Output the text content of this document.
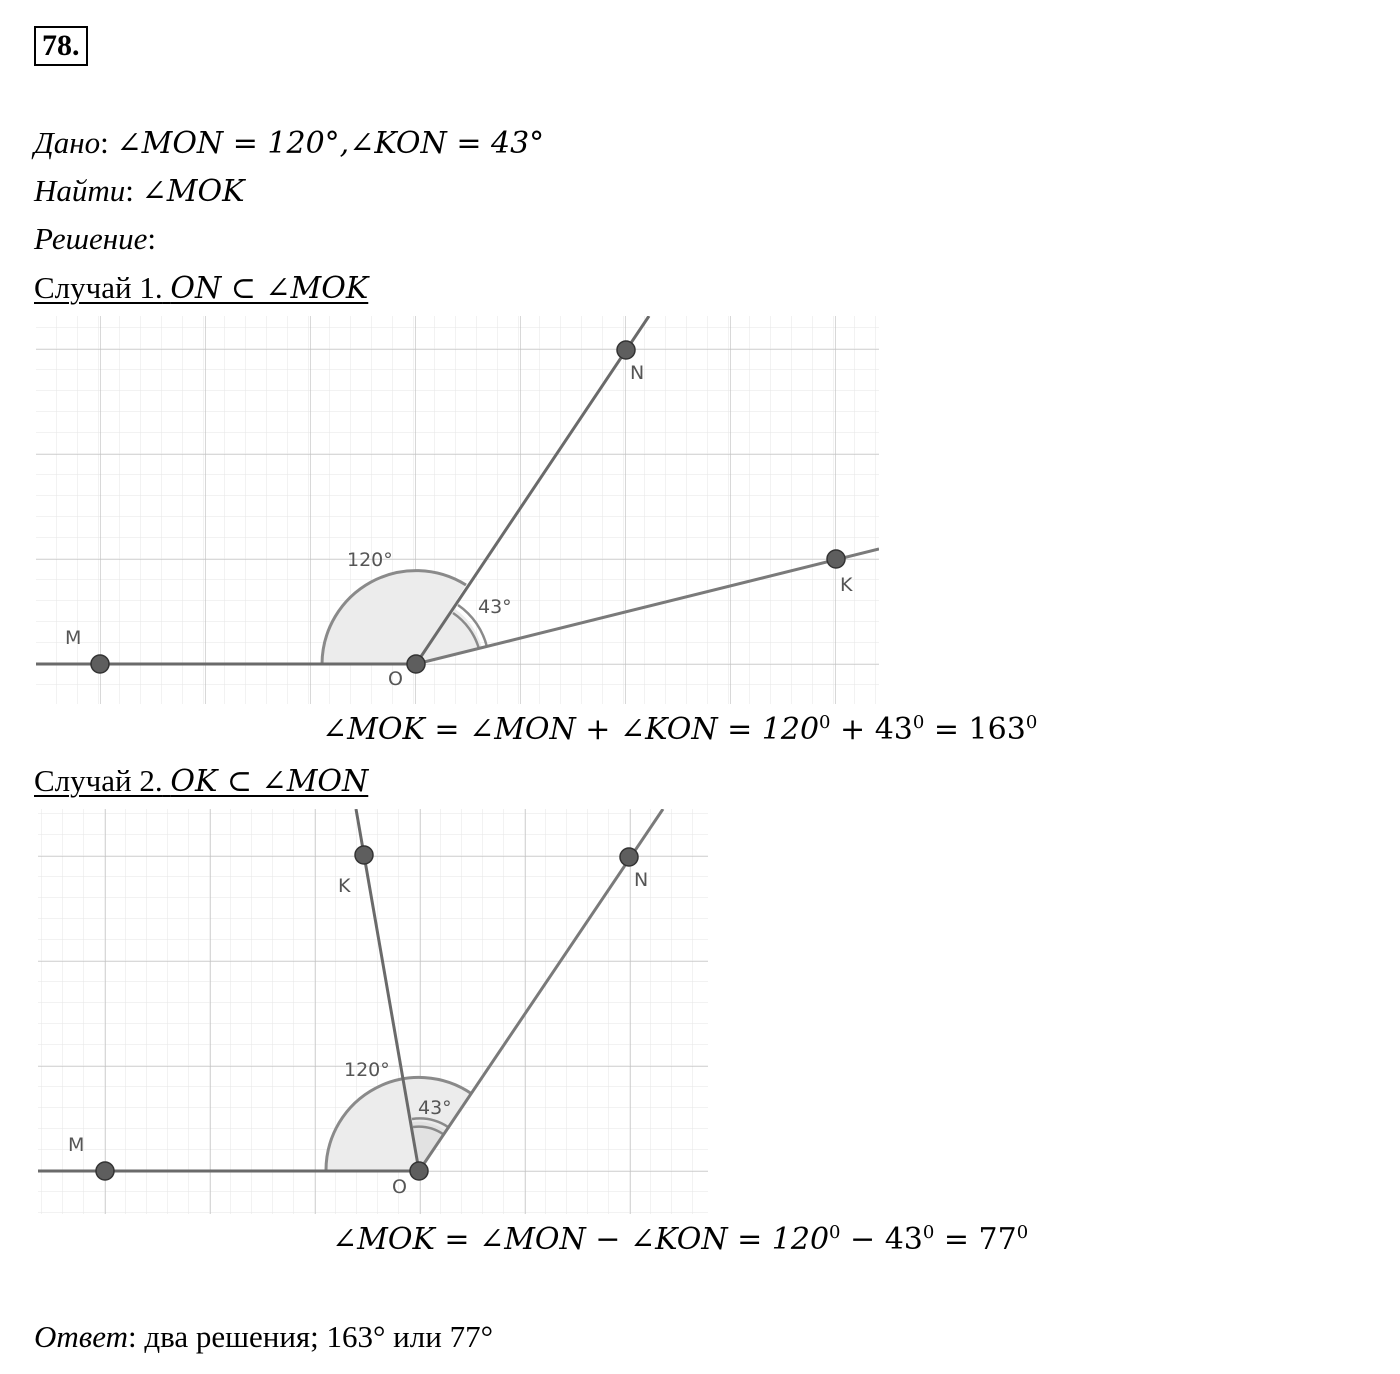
78.
Дано: ∠MON = 120°,∠KON = 43°
Найти: ∠MOK
Решение:
Случай 1. ON ⊂ ∠MOK
M
O
N
K
120°
43°
∠MOK = ∠MON + ∠KON = $120^0 + 43^0 = 163^0$
Случай 2. OK ⊂ ∠MON
M
O
K	N
120°
43°
∠MOK = ∠MON − ∠KON = $120^0 - 43^0 = 77^0$
Ответ: два решения; 163° или 77°
